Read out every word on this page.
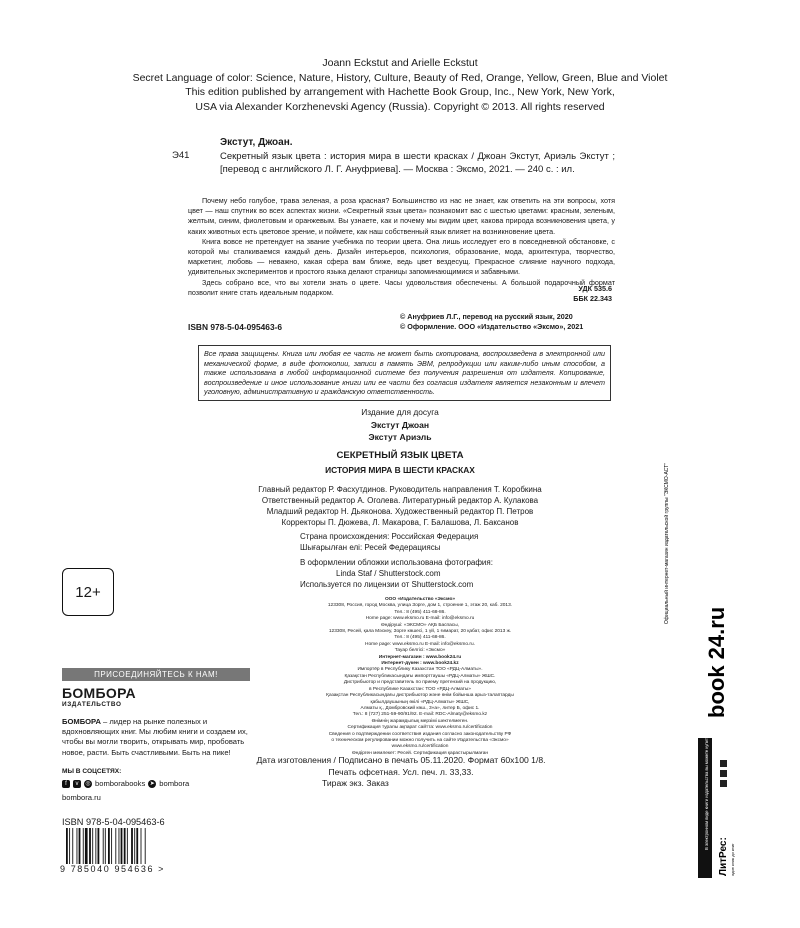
Joann Eckstut and Arielle Eckstut
Secret Language of color: Science, Nature, History, Culture, Beauty of Red, Orange, Yellow, Green, Blue and Violet
This edition published by arrangement with Hachette Book Group, Inc., New York, New York,
USA via Alexander Korzhenevski Agency (Russia). Copyright © 2013. All rights reserved
Экстут, Джоан.
Э41	Секретный язык цвета : история мира в шести красках / Джоан Экстут, Ариэль Экстут ; [перевод с английского Л. Г. Ануфриева]. — Москва : Эксмо, 2021. — 240 с. : ил.

Почему небо голубое, трава зеленая, а роза красная? Большинство из нас не знает, как ответить на эти вопросы, хотя цвет — наш спутник во всех аспектах жизни. «Секретный язык цвета» познакомит вас с шестью цветами: красным, зеленым, желтым, синим, фиолетовым и оранжевым. Вы узнаете, как и почему мы видим цвет, какова природа возникновения цвета, у каких животных есть цветовое зрение, и поймете, как наш собственный язык влияет на возникновение цвета.

Книга вовсе не претендует на звание учебника по теории цвета. Она лишь исследует его в повседневной обстановке, с которой мы сталкиваемся каждый день. Дизайн интерьеров, психология, образование, мода, архитектура, творчество, маркетинг, любовь — неважно, какая сфера вам ближе, ведь цвет вездесущ. Прекрасное слияние научного подхода, удивительных экспериментов и простого языка делают страницы запоминающимися и забавными.

Здесь собрано все, что вы хотели знать о цвете. Часы удовольствия обеспечены. А большой подарочный формат позволит книге стать идеальным подарком.	УДК 535.6
ББК 22.343
ISBN 978-5-04-095463-6
© Ануфриев Л.Г., перевод на русский язык, 2020
© Оформление. ООО «Издательство «Эксмо», 2021

Все права защищены. Книга или любая ее часть не может быть скопирована, воспроизведена в электронной или механической форме, в виде фотокопии, записи в память ЭВМ, репродукции или каким-либо иным способом, а также использована в любой информационной системе без получения разрешения от издателя. Копирование, воспроизведение и иное использование книги или ее части без согласия издателя является незаконным и влечет уголовную, административную и гражданскую ответственность.

Издание для досуга
Экстут Джоан
Экстут Ариэль
СЕКРЕТНЫЙ ЯЗЫК ЦВЕТА
ИСТОРИЯ МИРА В ШЕСТИ КРАСКАХ
Главный редактор Р. Фасхутдинов. Руководитель направления Т. Коробкина
Ответственный редактор А. Оголева. Литературный редактор А. Кулакова
Младший редактор Н. Дьяконова. Художественный редактор П. Петров
Корректоры П. Дюжева, Л. Макарова, Г. Балашова, Л. Баксанов
Страна происхождения: Российская Федерация
Шығарылған елі: Ресей Федерациясы
В оформлении обложки использована фотография:
Linda Staf / Shutterstock.com
Используется по лицензии от Shutterstock.com
ООО «Издательство «Эксмо»
123308, Россия, город Москва, улица Зорге, дом 1, строение 1, этаж 20, каб. 2013.
Тел.: 8 (495) 411-68-86.
Home page: www.eksmo.ru E-mail: info@eksmo.ru
Өндіруші: «ЭКСМО» АҚБ Баспасы,
123308, Ресей, қала Мәскеу, Зорге көшесі, 1 үй, 1 ғимарат, 20 қабат, офис 2013 ж.
Тел.: 8 (495) 411-68-86.
Home page: www.eksmo.ru E-mail: info@eksmo.ru.
Тауар белгісі: «Эксмо»
Интернет-магазин : www.book24.ru
Интернет-дүкен : www.book24.kz
Импортёр в Республику Казахстан ТОО «РДЦ-Алматы».
Қазақстан Республикасындағы импорттаушы «РДЦ-Алматы» ЖШС.
Дистрибьютор и представитель по приему претензий на продукцию,
в Республике Казахстан: ТОО «РДЦ-Алматы»
Қазақстан Республикасындағы дистрибьютор және өнім бойынша арыз-талаптарды
қабылдаушының өкілі «РДЦ-Алматы» ЖШС,
Алматы қ., Домбровский көш., 3«а», литер Б, офис 1.
Тел.: 8 (727) 251-59-90/91/92. E-mail: RDC-Almaty@eksmo.kz
Өнімнің жарамдылық мерзімі шектелмеген.
Сертификация туралы ақпарат сайтта: www.eksmo.ru/certification
Сведения о подтверждении соответствия издания согласно законодательству РФ
о техническом регулировании можно получить на сайте Издательства «Эксмо»
www.eksmo.ru/certification
Өндірген мемлекет: Ресей. Сертификация қарастырылмаған
Дата изготовления / Подписано в печать 05.11.2020. Формат 60x100 1/8.
Печать офсетная. Усл. печ. л. 33,33.
Тираж экз. Заказ
12+
ПРИСОЕДИНЯЙТЕСЬ К НАМ!
БОМБОРА
ИЗДАТЕЛЬСТВО
БОМБОРА – лидер на рынке полезных и вдохновляющих книг. Мы любим книги и создаем их, чтобы вы могли творить, открывать мир, пробовать новое, расти. Быть счастливыми. Быть на пике!
МЫ В СОЦСЕТЯХ:
f	v	◎ bomborabooks ➤ bombora
bombora.ru
ISBN 978-5-04-095463-6
9 785040 954636 >
Официальный интернет-магазин издательской группы "ЭКСМО-АСТ"
book 24.ru
В электронном виде книги издательства вы можете купить на www.litres.ru
ЛитРес: один клик до книг
